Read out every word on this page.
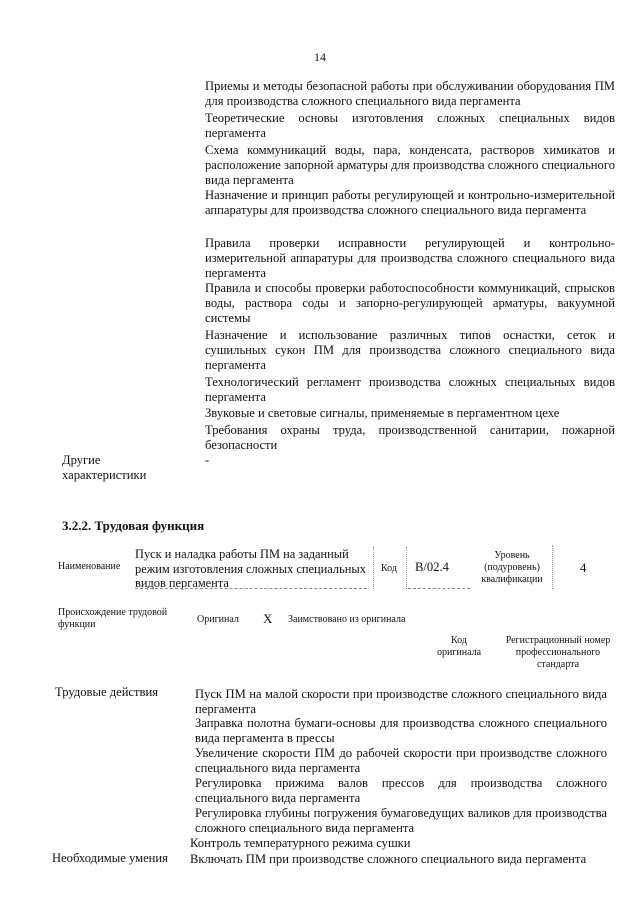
14
Приемы и методы безопасной работы при обслуживании оборудования ПМ для производства сложного специального вида пергамента
Теоретические основы изготовления сложных специальных видов пергамента
Схема коммуникаций воды, пара, конденсата, растворов химикатов и расположение запорной арматуры для производства сложного специального вида пергамента
Назначение и принцип работы регулирующей и контрольно-измерительной аппаратуры для производства сложного специального вида пергамента
Правила проверки исправности регулирующей и контрольно-измерительной аппаратуры для производства сложного специального вида пергамента
Правила и способы проверки работоспособности коммуникаций, спрысков воды, раствора соды и запорно-регулирующей арматуры, вакуумной системы
Назначение и использование различных типов оснастки, сеток и сушильных сукон ПМ для производства сложного специального вида пергамента
Технологический регламент производства сложных специальных видов пергамента
Звуковые и световые сигналы, применяемые в пергаментном цехе
Требования охраны труда, производственной санитарии, пожарной безопасности
Другие характеристики
-
3.2.2. Трудовая функция
Наименование
Пуск и наладка работы ПМ на заданный режим изготовления сложных специальных видов пергамента
Код B/02.4
Уровень (подуровень) квалификации
4
Происхождение трудовой функции	Оригинал X Заимствовано из оригинала
Код оригинала
Регистрационный номер профессионального стандарта
Трудовые действия	Пуск ПМ на малой скорости при производстве сложного специального вида пергамента
Заправка полотна бумаги-основы для производства сложного специального вида пергамента в прессы
Увеличение скорости ПМ до рабочей скорости при производстве сложного специального вида пергамента
Регулировка прижима валов прессов для производства сложного специального вида пергамента
Регулировка глубины погружения бумаговедущих валиков для производства сложного специального вида пергамента
Контроль температурного режима сушки
Необходимые умения Включать ПМ при производстве сложного специального вида пергамента
